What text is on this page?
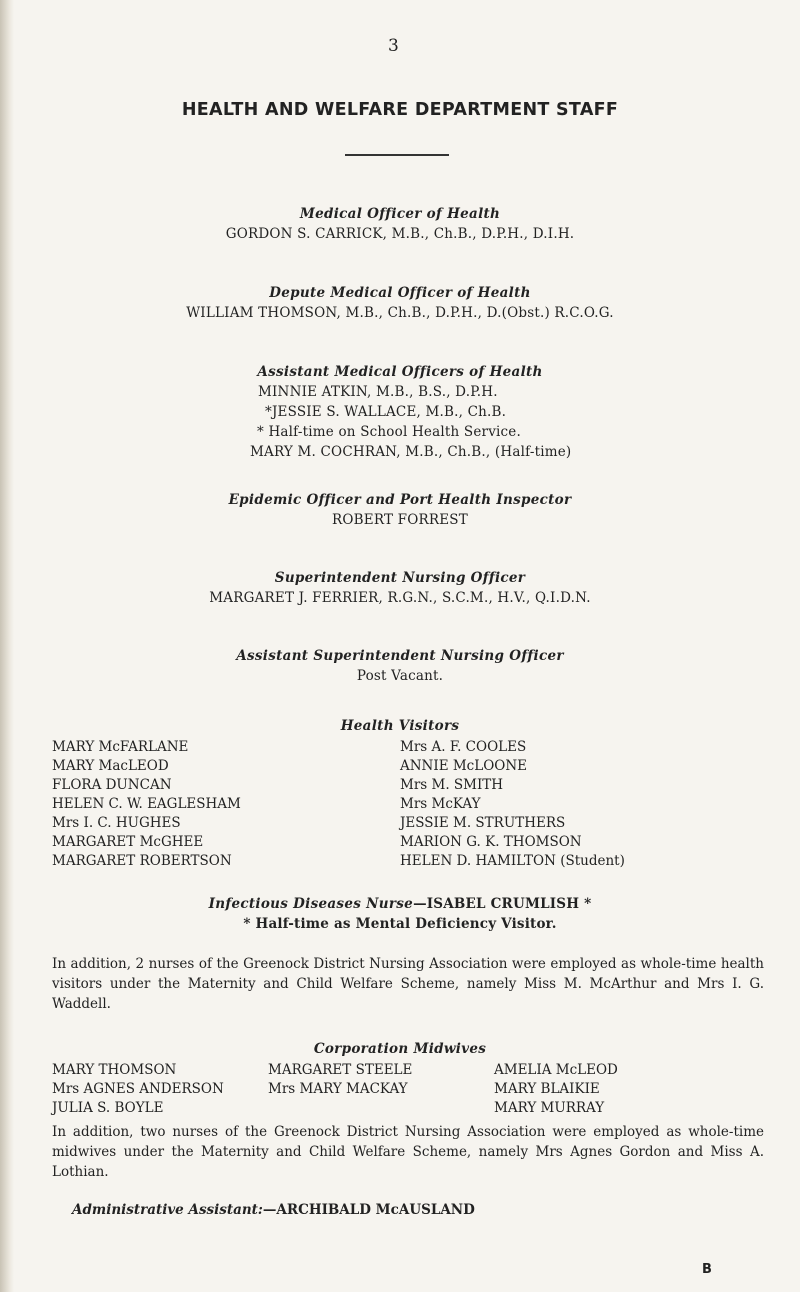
3
HEALTH AND WELFARE DEPARTMENT STAFF
Medical Officer of Health
GORDON S. CARRICK, M.B., Ch.B., D.P.H., D.I.H.
Depute Medical Officer of Health
WILLIAM THOMSON, M.B., Ch.B., D.P.H., D.(Obst.) R.C.O.G.
Assistant Medical Officers of Health
MINNIE ATKIN, M.B., B.S., D.P.H.
*JESSIE S. WALLACE, M.B., Ch.B.
* Half-time on School Health Service.
MARY M. COCHRAN, M.B., Ch.B., (Half-time)
Epidemic Officer and Port Health Inspector
ROBERT FORREST
Superintendent Nursing Officer
MARGARET J. FERRIER, R.G.N., S.C.M., H.V., Q.I.D.N.
Assistant Superintendent Nursing Officer
Post Vacant.
Health Visitors
MARY McFARLANE
MARY MacLEOD
FLORA DUNCAN
HELEN C. W. EAGLESHAM
Mrs I. C. HUGHES
MARGARET McGHEE
MARGARET ROBERTSON
Mrs A. F. COOLES
ANNIE McLOONE
Mrs M. SMITH
Mrs McKAY
JESSIE M. STRUTHERS
MARION G. K. THOMSON
HELEN D. HAMILTON (Student)
Infectious Diseases Nurse—ISABEL CRUMLISH *
* Half-time as Mental Deficiency Visitor.
In addition, 2 nurses of the Greenock District Nursing Association were employed as whole-time health visitors under the Maternity and Child Welfare Scheme, namely Miss M. McArthur and Mrs I. G. Waddell.
Corporation Midwives
MARY THOMSON
Mrs AGNES ANDERSON
JULIA S. BOYLE
MARGARET STEELE
Mrs MARY MACKAY
AMELIA McLEOD
MARY BLAIKIE
MARY MURRAY
In addition, two nurses of the Greenock District Nursing Association were employed as whole-time midwives under the Maternity and Child Welfare Scheme, namely Mrs Agnes Gordon and Miss A. Lothian.
Administrative Assistant:—ARCHIBALD McAUSLAND
B
